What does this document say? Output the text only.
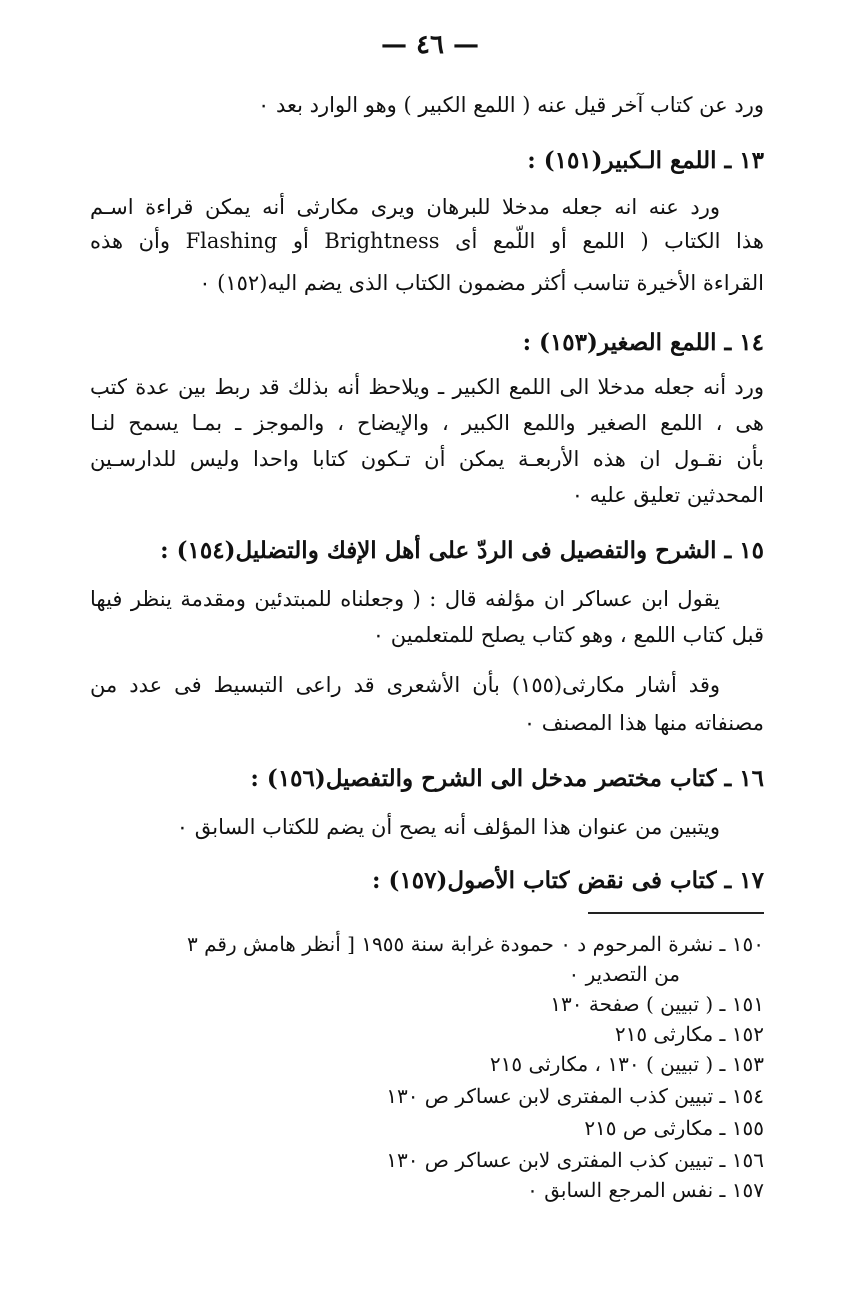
— ٤٦ —
ورد عن كتاب آخر قيل عنه ( اللمع الكبير ) وهو الوارد بعد ٠
١٣ ـ اللمع الـكبير(١٥١) :
ورد عنه انه جعله مدخلا للبرهان ويرى مكارثى أنه يمكن قراءة اسـم
هذا الكتاب ( اللمع أو اللّمع أى Brightness أو Flashing وأن هذه
القراءة الأخيرة تناسب أكثر مضمون الكتاب الذى يضم اليه(١٥٢) ٠
١٤ ـ اللمع الصغير(١٥٣) :
ورد أنه جعله مدخلا الى اللمع الكبير ـ ويلاحظ أنه بذلك قد ربط بين عدة كتب
هى ، اللمع الصغير واللمع الكبير ، والإيضاح ، والموجز ـ بمـا يسمح لنـا
بأن نقـول ان هذه الأربعـة يمكن أن تـكون كتابا واحدا وليس للدارسـين
المحدثين تعليق عليه ٠
١٥ ـ الشرح والتفصيل فى الردّ على أهل الإفك والتضليل(١٥٤) :
يقول ابن عساكر ان مؤلفه قال : ( وجعلناه للمبتدئين ومقدمة ينظر فيها
قبل كتاب اللمع ، وهو كتاب يصلح للمتعلمين ٠
وقد أشار مكارثى(١٥٥) بأن الأشعرى قد راعى التبسيط فى عدد من
مصنفاته منها هذا المصنف ٠
١٦ ـ كتاب مختصر مدخل الى الشرح والتفصيل(١٥٦) :
ويتبين من عنوان هذا المؤلف أنه يصح أن يضم للكتاب السابق ٠
١٧ ـ كتاب فى نقض كتاب الأصول(١٥٧) :
١٥٠ ـ نشرة المرحوم د ٠ حمودة غرابة سنة ١٩٥٥ [ أنظر هامش رقم ٣
من التصدير ٠
١٥١ ـ ( تبيين ) صفحة ١٣٠
١٥٢ ـ مكارثى ٢١٥
١٥٣ ـ ( تبيين ) ١٣٠ ، مكارثى ٢١٥
١٥٤ ـ تبيين كذب المفترى لابن عساكر ص ١٣٠
١٥٥ ـ مكارثى ص ٢١٥
١٥٦ ـ تبيين كذب المفترى لابن عساكر ص ١٣٠
١٥٧ ـ نفس المرجع السابق ٠
